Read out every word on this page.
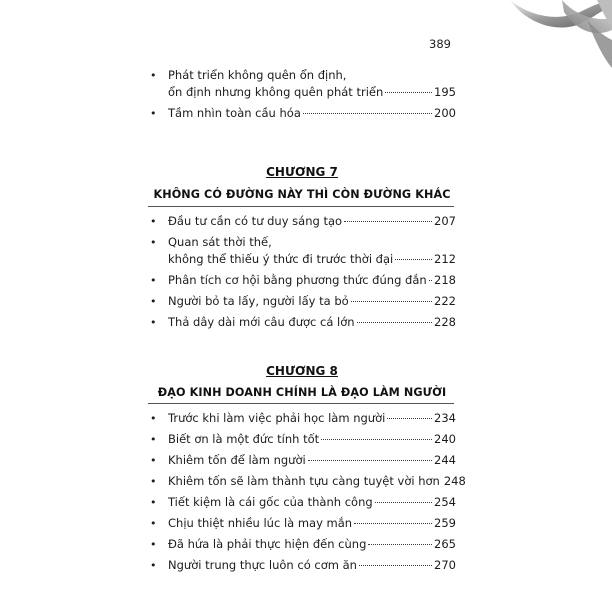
389
• Phát triển không quên ổn định,
ổn định nhưng không quên phát triển	195
• Tầm nhìn toàn cầu hóa	200
CHƯƠNG 7
KHÔNG CÓ ĐƯỜNG NÀY THÌ CÒN ĐƯỜNG KHÁC
• Đầu tư cần có tư duy sáng tạo	207
• Quan sát thời thế,
không thể thiếu ý thức đi trước thời đại	212
• Phân tích cơ hội bằng phương thức đúng đắn 218
• Người bỏ ta lấy, người lấy ta bỏ	222
• Thả dây dài mới câu được cá lớn	228
CHƯƠNG 8
ĐẠO KINH DOANH CHÍNH LÀ ĐẠO LÀM NGƯỜI
• Trước khi làm việc phải học làm người	234
• Biết ơn là một đức tính tốt	240
• Khiêm tốn để làm người	244
• Khiêm tốn sẽ làm thành tựu càng tuyệt vời hơn 248
• Tiết kiệm là cái gốc của thành công	254
• Chịu thiệt nhiều lúc là may mắn	259
• Đã hứa là phải thực hiện đến cùng	265
• Người trung thực luôn có cơm ăn	270
